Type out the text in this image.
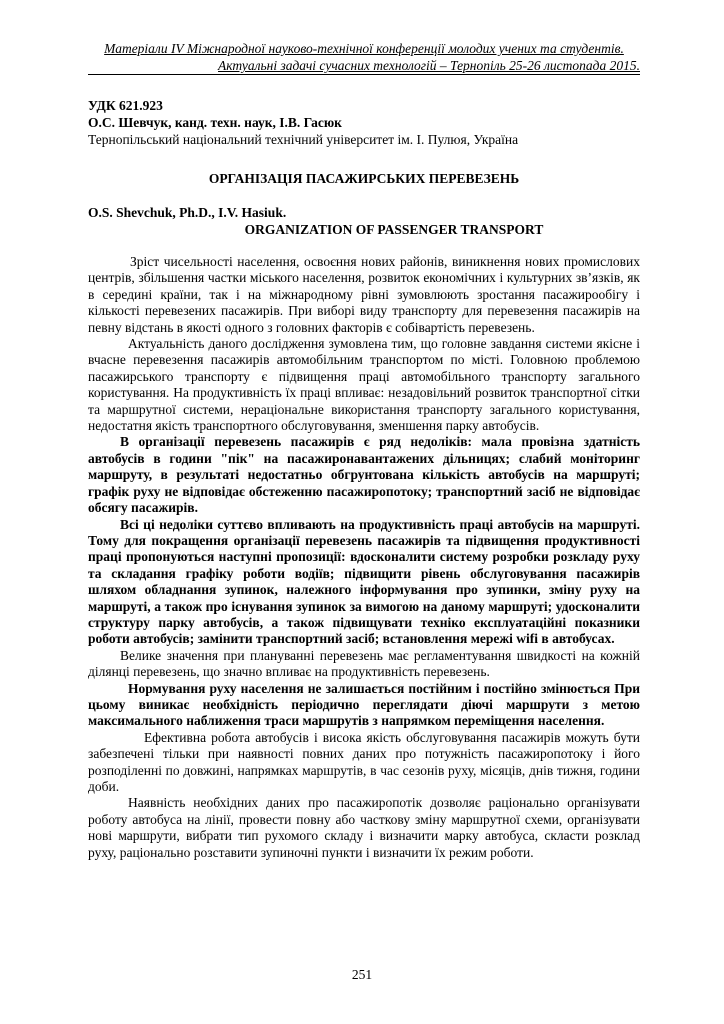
Матеріали IV Міжнародної науково-технічної конференції молодих учених та студентів.
Актуальні задачі сучасних технологій – Тернопіль 25-26 листопада 2015.
УДК 621.923
О.С. Шевчук, канд. техн. наук, І.В. Гасюк
Тернопільський національний технічний університет ім. І. Пулюя, Україна
ОРГАНІЗАЦІЯ ПАСАЖИРСЬКИХ ПЕРЕВЕЗЕНЬ
O.S. Shevchuk, Ph.D., I.V. Hasiuk.
ORGANIZATION OF PASSENGER TRANSPORT

Зріст чисельності населення, освоєння нових районів, виникнення нових промислових центрів, збільшення частки міського населення, розвиток економічних і культурних зв’язків, як в середині країни, так і на міжнародному рівні зумовлюють зростання пасажирообігу і кількості перевезених пасажирів. При виборі виду транспорту для перевезення пасажирів на певну відстань в якості одного з головних факторів є собівартість перевезень.

Актуальність даного дослідження зумовлена тим, що головне завдання системи якісне і вчасне перевезення пасажирів автомобільним транспортом по місті. Головною проблемою пасажирського транспорту є підвищення праці автомобільного транспорту загального користування. На продуктивність їх праці впливає: незадовільний розвиток транспортної сітки та маршрутної системи, нераціональне використання транспорту загального користування, недостатня якість транспортного обслуговування, зменшення парку автобусів.

В організації перевезень пасажирів є ряд недоліків: мала провізна здатність автобусів в години "пік" на пасажиронавантажених дільницях; слабий моніторинг маршруту, в результаті недостатньо обгрунтована кількість автобусів на маршруті; графік руху не відповідає обстеженню пасажиропотоку; транспортний засіб не відповідає обсягу пасажирів.

Всі ці недоліки суттєво впливають на продуктивність праці автобусів на маршруті. Тому для покращення організації перевезень пасажирів та підвищення продуктивності праці пропонуються наступні пропозиції: вдосконалити систему розробки розкладу руху та складання графіку роботи водіїв; підвищити рівень обслуговування пасажирів шляхом обладнання зупинок, належного інформування про зупинки, зміну руху на маршруті, а також про існування зупинок за вимогою на даному маршруті; удосконалити структуру парку автобусів, а також підвищувати техніко експлуатаційні показники роботи автобусів; замінити транспортний засіб; встановлення мережі wifi в автобусах.

Велике значення при плануванні перевезень має регламентування швидкості на кожній ділянці перевезень, що значно впливає на продуктивність перевезень.

Нормування руху населення не залишається постійним і постійно змінюється При цьому виникає необхідність періодично переглядати діючі маршрути з метою максимального наближення траси маршрутів з напрямком переміщення населення.

Ефективна робота автобусів і висока якість обслуговування пасажирів можуть бути забезпечені тільки при наявності повних даних про потужність пасажиропотоку і його розподіленні по довжині, напрямках маршрутів, в час сезонів руху, місяців, днів тижня, години доби.

Наявність необхідних даних про пасажиропотік дозволяє раціонально організувати роботу автобуса на лінії, провести повну або часткову зміну маршрутної схеми, організувати нові маршрути, вибрати тип рухомого складу і визначити марку автобуса, скласти розклад руху, раціонально розставити зупиночні пункти і визначити їх режим роботи.

251
